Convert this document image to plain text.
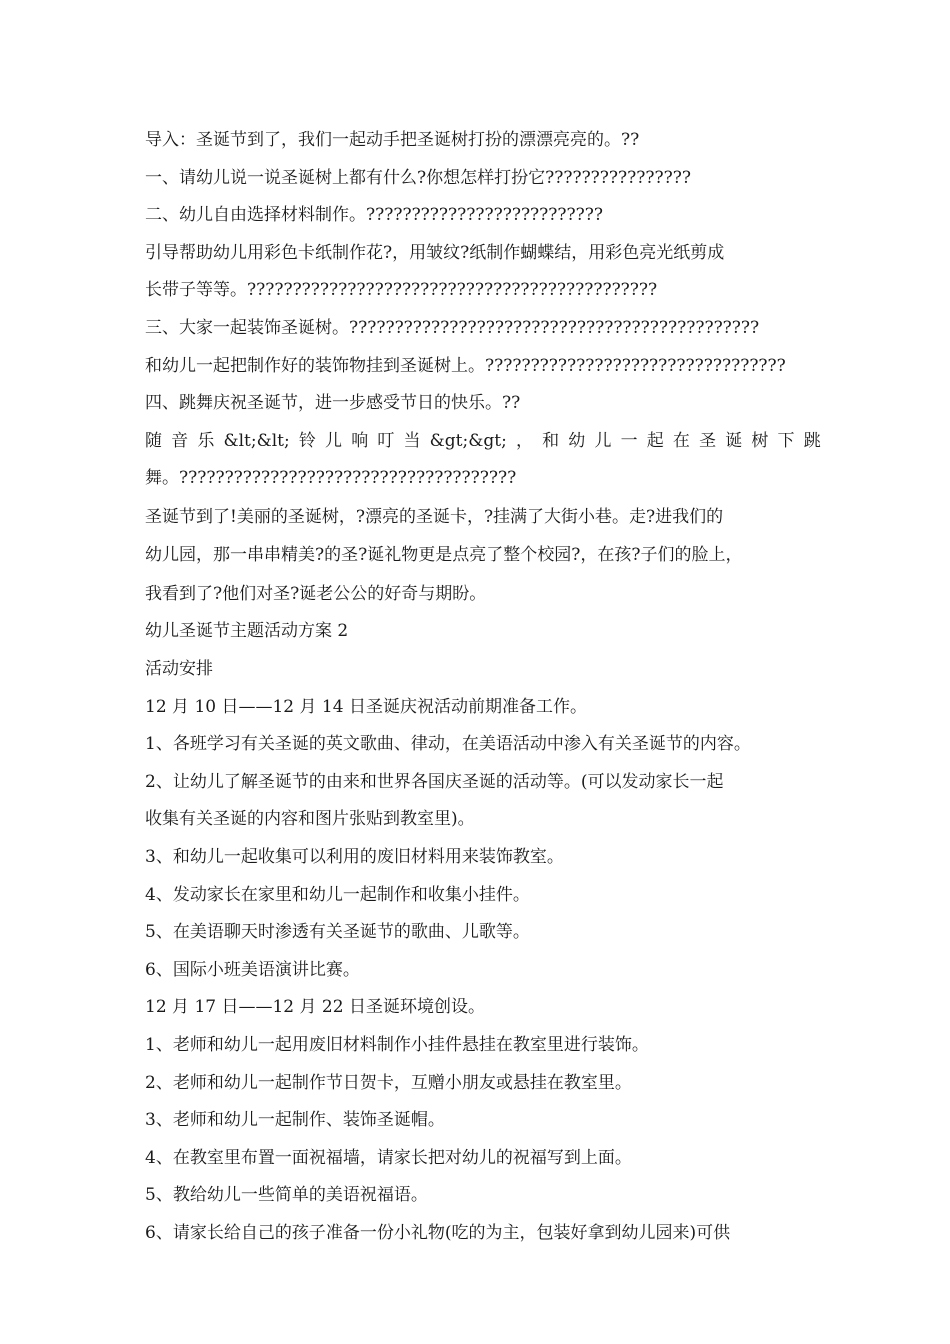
导入：圣诞节到了，我们一起动手把圣诞树打扮的漂漂亮亮的。??
一、请幼儿说一说圣诞树上都有什么?你想怎样打扮它????????????????
二、幼儿自由选择材料制作。??????????????????????????
引导帮助幼儿用彩色卡纸制作花?，用皱纹?纸制作蝴蝶结，用彩色亮光纸剪成
长带子等等。?????????????????????????????????????????????
三、大家一起装饰圣诞树。?????????????????????????????????????????????
和幼儿一起把制作好的装饰物挂到圣诞树上。?????????????????????????????????
四、跳舞庆祝圣诞节，进一步感受节日的快乐。??
随 音 乐 &lt;&lt; 铃 儿 响 叮 当 &gt;&gt; ， 和 幼 儿 一 起 在 圣 诞 树 下 跳
舞。?????????????????????????????????????
圣诞节到了!美丽的圣诞树，?漂亮的圣诞卡，?挂满了大街小巷。走?进我们的
幼儿园，那一串串精美?的圣?诞礼物更是点亮了整个校园?，在孩?子们的脸上，
我看到了?他们对圣?诞老公公的好奇与期盼。
幼儿圣诞节主题活动方案 2
活动安排
12 月 10 日——12 月 14 日圣诞庆祝活动前期准备工作。
1、各班学习有关圣诞的英文歌曲、律动，在美语活动中渗入有关圣诞节的内容。
2、让幼儿了解圣诞节的由来和世界各国庆圣诞的活动等。(可以发动家长一起
收集有关圣诞的内容和图片张贴到教室里)。
3、和幼儿一起收集可以利用的废旧材料用来装饰教室。
4、发动家长在家里和幼儿一起制作和收集小挂件。
5、在美语聊天时渗透有关圣诞节的歌曲、儿歌等。
6、国际小班美语演讲比赛。
12 月 17 日——12 月 22 日圣诞环境创设。
1、老师和幼儿一起用废旧材料制作小挂件悬挂在教室里进行装饰。
2、老师和幼儿一起制作节日贺卡，互赠小朋友或悬挂在教室里。
3、老师和幼儿一起制作、装饰圣诞帽。
4、在教室里布置一面祝福墙，请家长把对幼儿的祝福写到上面。
5、教给幼儿一些简单的美语祝福语。
6、请家长给自己的孩子准备一份小礼物(吃的为主，包装好拿到幼儿园来)可供
